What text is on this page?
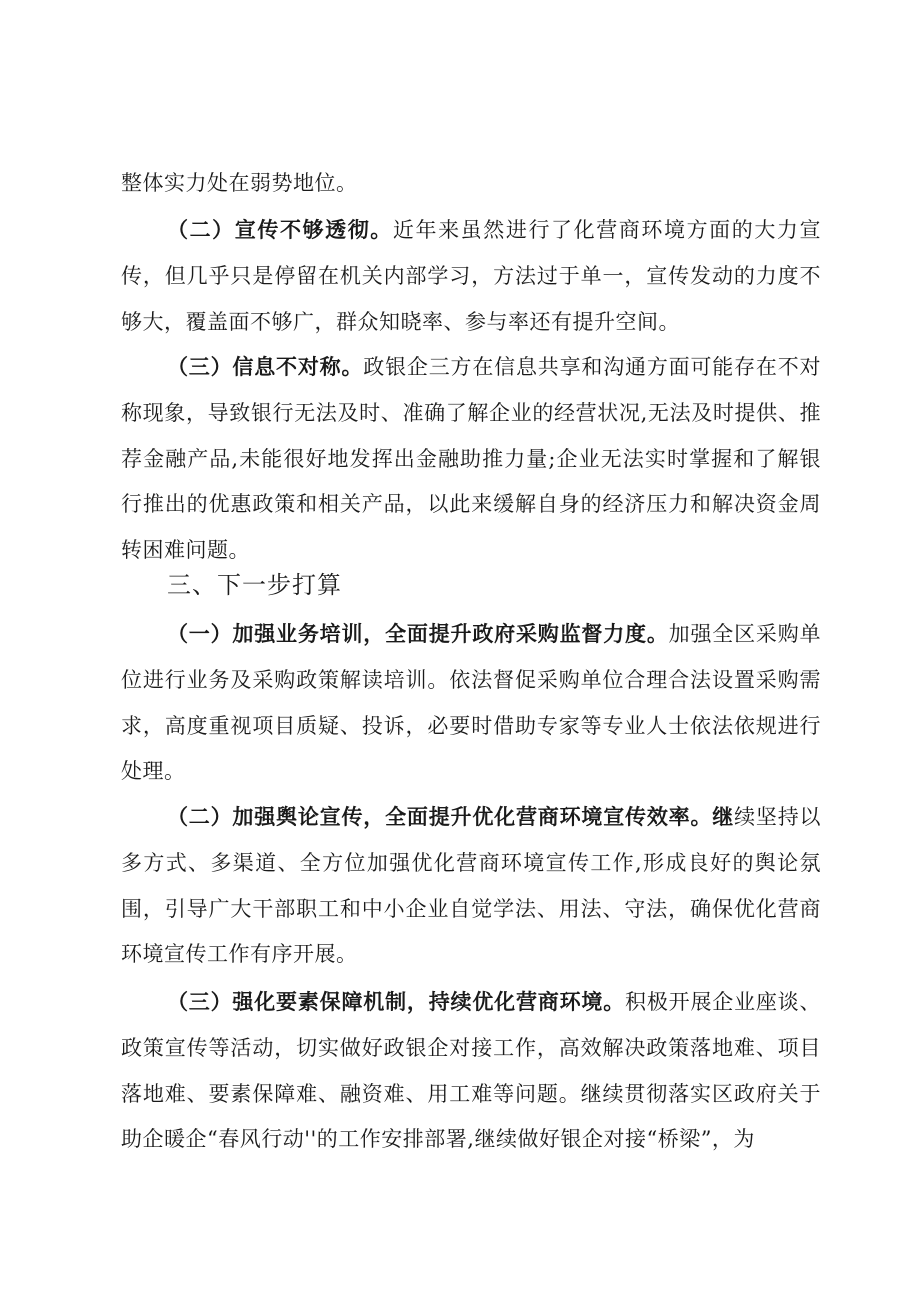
整体实力处在弱势地位。

（二）宣传不够透彻。近年来虽然进行了化营商环境方面的大力宣传，但几乎只是停留在机关内部学习，方法过于单一，宣传发动的力度不够大，覆盖面不够广，群众知晓率、参与率还有提升空间。

（三）信息不对称。政银企三方在信息共享和沟通方面可能存在不对称现象，导致银行无法及时、准确了解企业的经营状况,无法及时提供、推荐金融产品,未能很好地发挥出金融助推力量;企业无法实时掌握和了解银行推出的优惠政策和相关产品，以此来缓解自身的经济压力和解决资金周转困难问题。

三、下一步打算

（一）加强业务培训，全面提升政府采购监督力度。加强全区采购单位进行业务及采购政策解读培训。依法督促采购单位合理合法设置采购需求，高度重视项目质疑、投诉，必要时借助专家等专业人士依法依规进行处理。

（二）加强舆论宣传，全面提升优化营商环境宣传效率。继续坚持以多方式、多渠道、全方位加强优化营商环境宣传工作,形成良好的舆论氛围，引导广大干部职工和中小企业自觉学法、用法、守法，确保优化营商环境宣传工作有序开展。

（三）强化要素保障机制，持续优化营商环境。积极开展企业座谈、政策宣传等活动，切实做好政银企对接工作，高效解决政策落地难、项目落地难、要素保障难、融资难、用工难等问题。继续贯彻落实区政府关于助企暖企“春风行动''的工作安排部署,继续做好银企对接“桥梁”，为
